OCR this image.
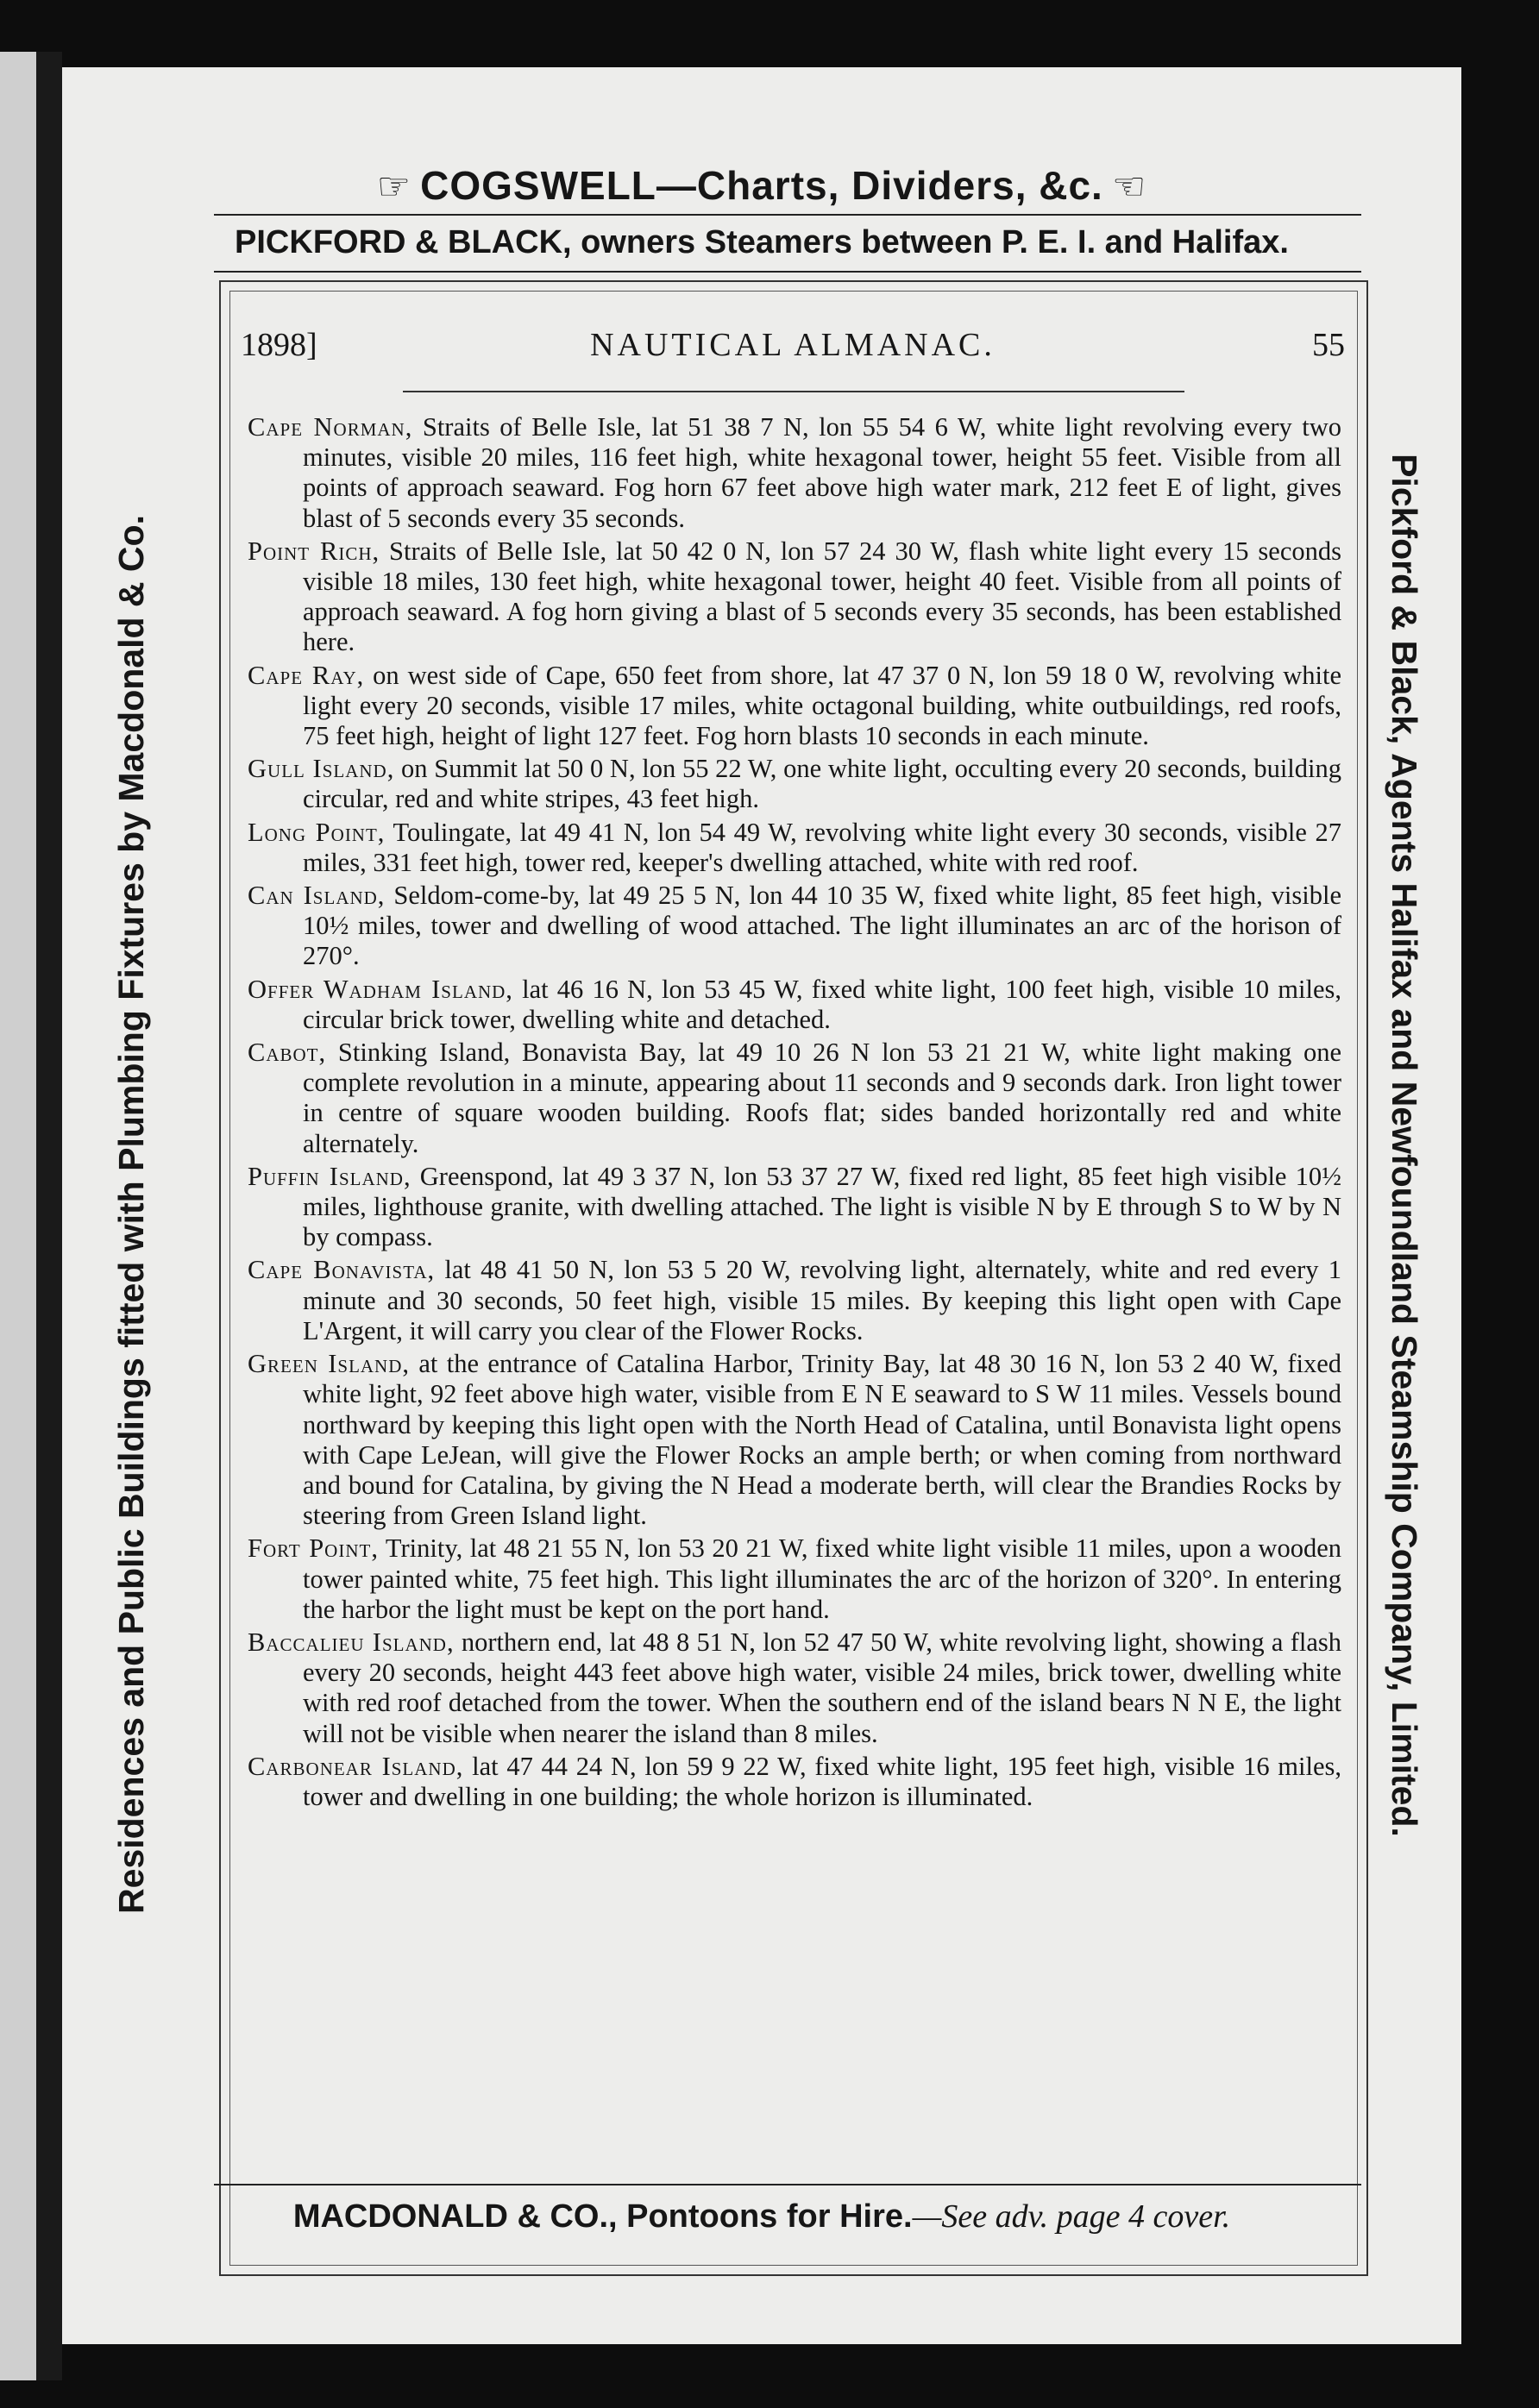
☞ COGSWELL—Charts, Dividers, &c. ☜
PICKFORD & BLACK, owners Steamers between P. E. I. and Halifax.
Residences and Public Buildings fitted with Plumbing Fixtures by Macdonald & Co.	Pickford & Black, Agents Halifax and Newfoundland Steamship Company, Limited.
1898]	NAUTICAL ALMANAC.	55

Cape Norman, Straits of Belle Isle, lat 51 38 7 N, lon 55 54 6 W, white light revolving every two minutes, visible 20 miles, 116 feet high, white hexagonal tower, height 55 feet. Visible from all points of approach seaward. Fog horn 67 feet above high water mark, 212 feet E of light, gives blast of 5 seconds every 35 seconds.

Point Rich, Straits of Belle Isle, lat 50 42 0 N, lon 57 24 30 W, flash white light every 15 seconds visible 18 miles, 130 feet high, white hexagonal tower, height 40 feet. Visible from all points of approach seaward. A fog horn giving a blast of 5 seconds every 35 seconds, has been established here.

Cape Ray, on west side of Cape, 650 feet from shore, lat 47 37 0 N, lon 59 18 0 W, revolving white light every 20 seconds, visible 17 miles, white octagonal building, white outbuildings, red roofs, 75 feet high, height of light 127 feet. Fog horn blasts 10 seconds in each minute.

Gull Island, on Summit lat 50 0 N, lon 55 22 W, one white light, occulting every 20 seconds, building circular, red and white stripes, 43 feet high.

Long Point, Toulingate, lat 49 41 N, lon 54 49 W, revolving white light every 30 seconds, visible 27 miles, 331 feet high, tower red, keeper's dwelling attached, white with red roof.

Can Island, Seldom-come-by, lat 49 25 5 N, lon 44 10 35 W, fixed white light, 85 feet high, visible 10½ miles, tower and dwelling of wood attached. The light illuminates an arc of the horison of 270°.

Offer Wadham Island, lat 46 16 N, lon 53 45 W, fixed white light, 100 feet high, visible 10 miles, circular brick tower, dwelling white and detached.

Cabot, Stinking Island, Bonavista Bay, lat 49 10 26 N lon 53 21 21 W, white light making one complete revolution in a minute, appearing about 11 seconds and 9 seconds dark. Iron light tower in centre of square wooden building. Roofs flat; sides banded horizontally red and white alternately.

Puffin Island, Greenspond, lat 49 3 37 N, lon 53 37 27 W, fixed red light, 85 feet high visible 10½ miles, lighthouse granite, with dwelling attached. The light is visible N by E through S to W by N by compass.

Cape Bonavista, lat 48 41 50 N, lon 53 5 20 W, revolving light, alternately, white and red every 1 minute and 30 seconds, 50 feet high, visible 15 miles. By keeping this light open with Cape L'Argent, it will carry you clear of the Flower Rocks.

Green Island, at the entrance of Catalina Harbor, Trinity Bay, lat 48 30 16 N, lon 53 2 40 W, fixed white light, 92 feet above high water, visible from E N E seaward to S W 11 miles. Vessels bound northward by keeping this light open with the North Head of Catalina, until Bonavista light opens with Cape LeJean, will give the Flower Rocks an ample berth; or when coming from northward and bound for Catalina, by giving the N Head a moderate berth, will clear the Brandies Rocks by steering from Green Island light.

Fort Point, Trinity, lat 48 21 55 N, lon 53 20 21 W, fixed white light visible 11 miles, upon a wooden tower painted white, 75 feet high. This light illuminates the arc of the horizon of 320°. In entering the harbor the light must be kept on the port hand.

Baccalieu Island, northern end, lat 48 8 51 N, lon 52 47 50 W, white revolving light, showing a flash every 20 seconds, height 443 feet above high water, visible 24 miles, brick tower, dwelling white with red roof detached from the tower. When the southern end of the island bears N N E, the light will not be visible when nearer the island than 8 miles.

Carbonear Island, lat 47 44 24 N, lon 59 9 22 W, fixed white light, 195 feet high, visible 16 miles, tower and dwelling in one building; the whole horizon is illuminated.

MACDONALD & CO., Pontoons for Hire.—See adv. page 4 cover.
